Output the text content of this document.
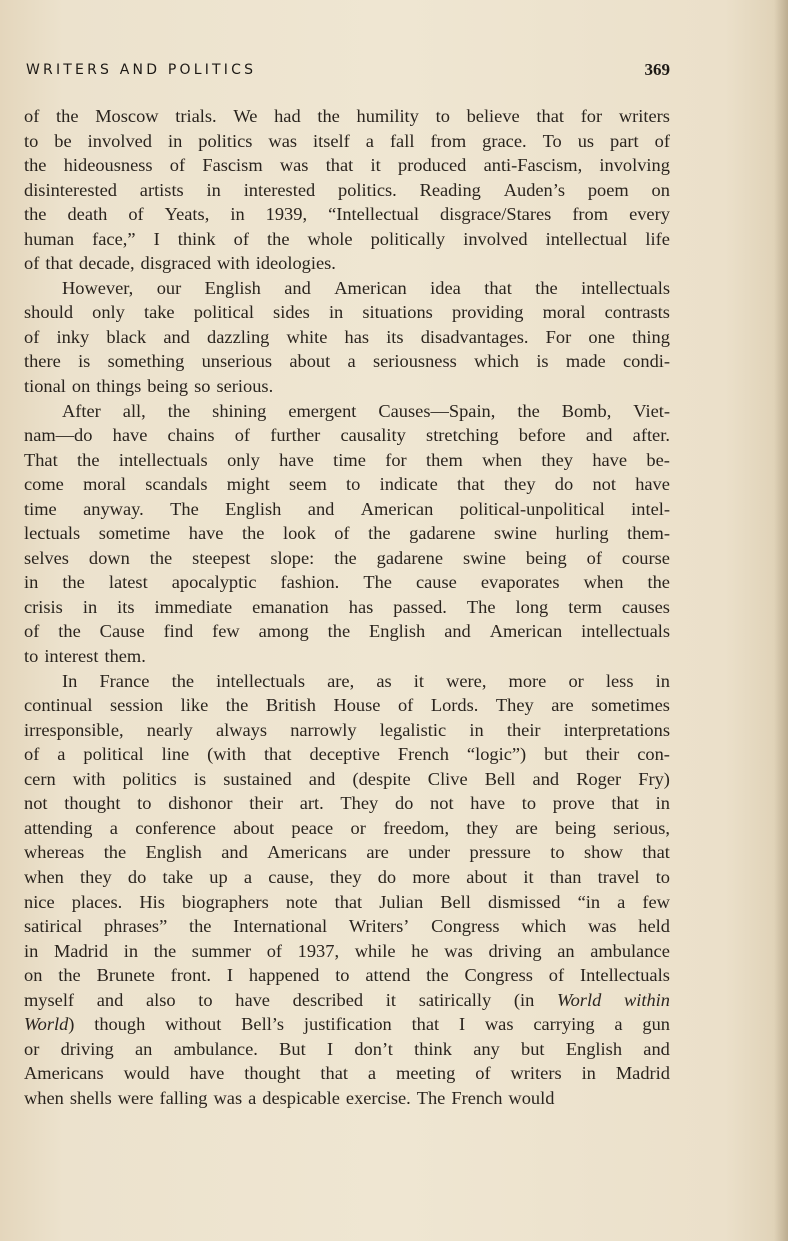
WRITERS AND POLITICS	369
of the Moscow trials. We had the humility to believe that for writers
to be involved in politics was itself a fall from grace. To us part of
the hideousness of Fascism was that it produced anti-Fascism, involving
disinterested artists in interested politics. Reading Auden’s poem on
the death of Yeats, in 1939, “Intellectual disgrace/Stares from every
human face,” I think of the whole politically involved intellectual life
of that decade, disgraced with ideologies.
However, our English and American idea that the intellectuals
should only take political sides in situations providing moral contrasts
of inky black and dazzling white has its disadvantages. For one thing
there is something unserious about a seriousness which is made condi-
tional on things being so serious.
After all, the shining emergent Causes—Spain, the Bomb, Viet-
nam—do have chains of further causality stretching before and after.
That the intellectuals only have time for them when they have be-
come moral scandals might seem to indicate that they do not have
time anyway. The English and American political-unpolitical intel-
lectuals sometime have the look of the gadarene swine hurling them-
selves down the steepest slope: the gadarene swine being of course
in the latest apocalyptic fashion. The cause evaporates when the
crisis in its immediate emanation has passed. The long term causes
of the Cause find few among the English and American intellectuals
to interest them.
In France the intellectuals are, as it were, more or less in
continual session like the British House of Lords. They are sometimes
irresponsible, nearly always narrowly legalistic in their interpretations
of a political line (with that deceptive French “logic”) but their con-
cern with politics is sustained and (despite Clive Bell and Roger Fry)
not thought to dishonor their art. They do not have to prove that in
attending a conference about peace or freedom, they are being serious,
whereas the English and Americans are under pressure to show that
when they do take up a cause, they do more about it than travel to
nice places. His biographers note that Julian Bell dismissed “in a few
satirical phrases” the International Writers’ Congress which was held
in Madrid in the summer of 1937, while he was driving an ambulance
on the Brunete front. I happened to attend the Congress of Intellectuals
myself and also to have described it satirically (in World within
World) though without Bell’s justification that I was carrying a gun
or driving an ambulance. But I don’t think any but English and
Americans would have thought that a meeting of writers in Madrid
when shells were falling was a despicable exercise. The French would
